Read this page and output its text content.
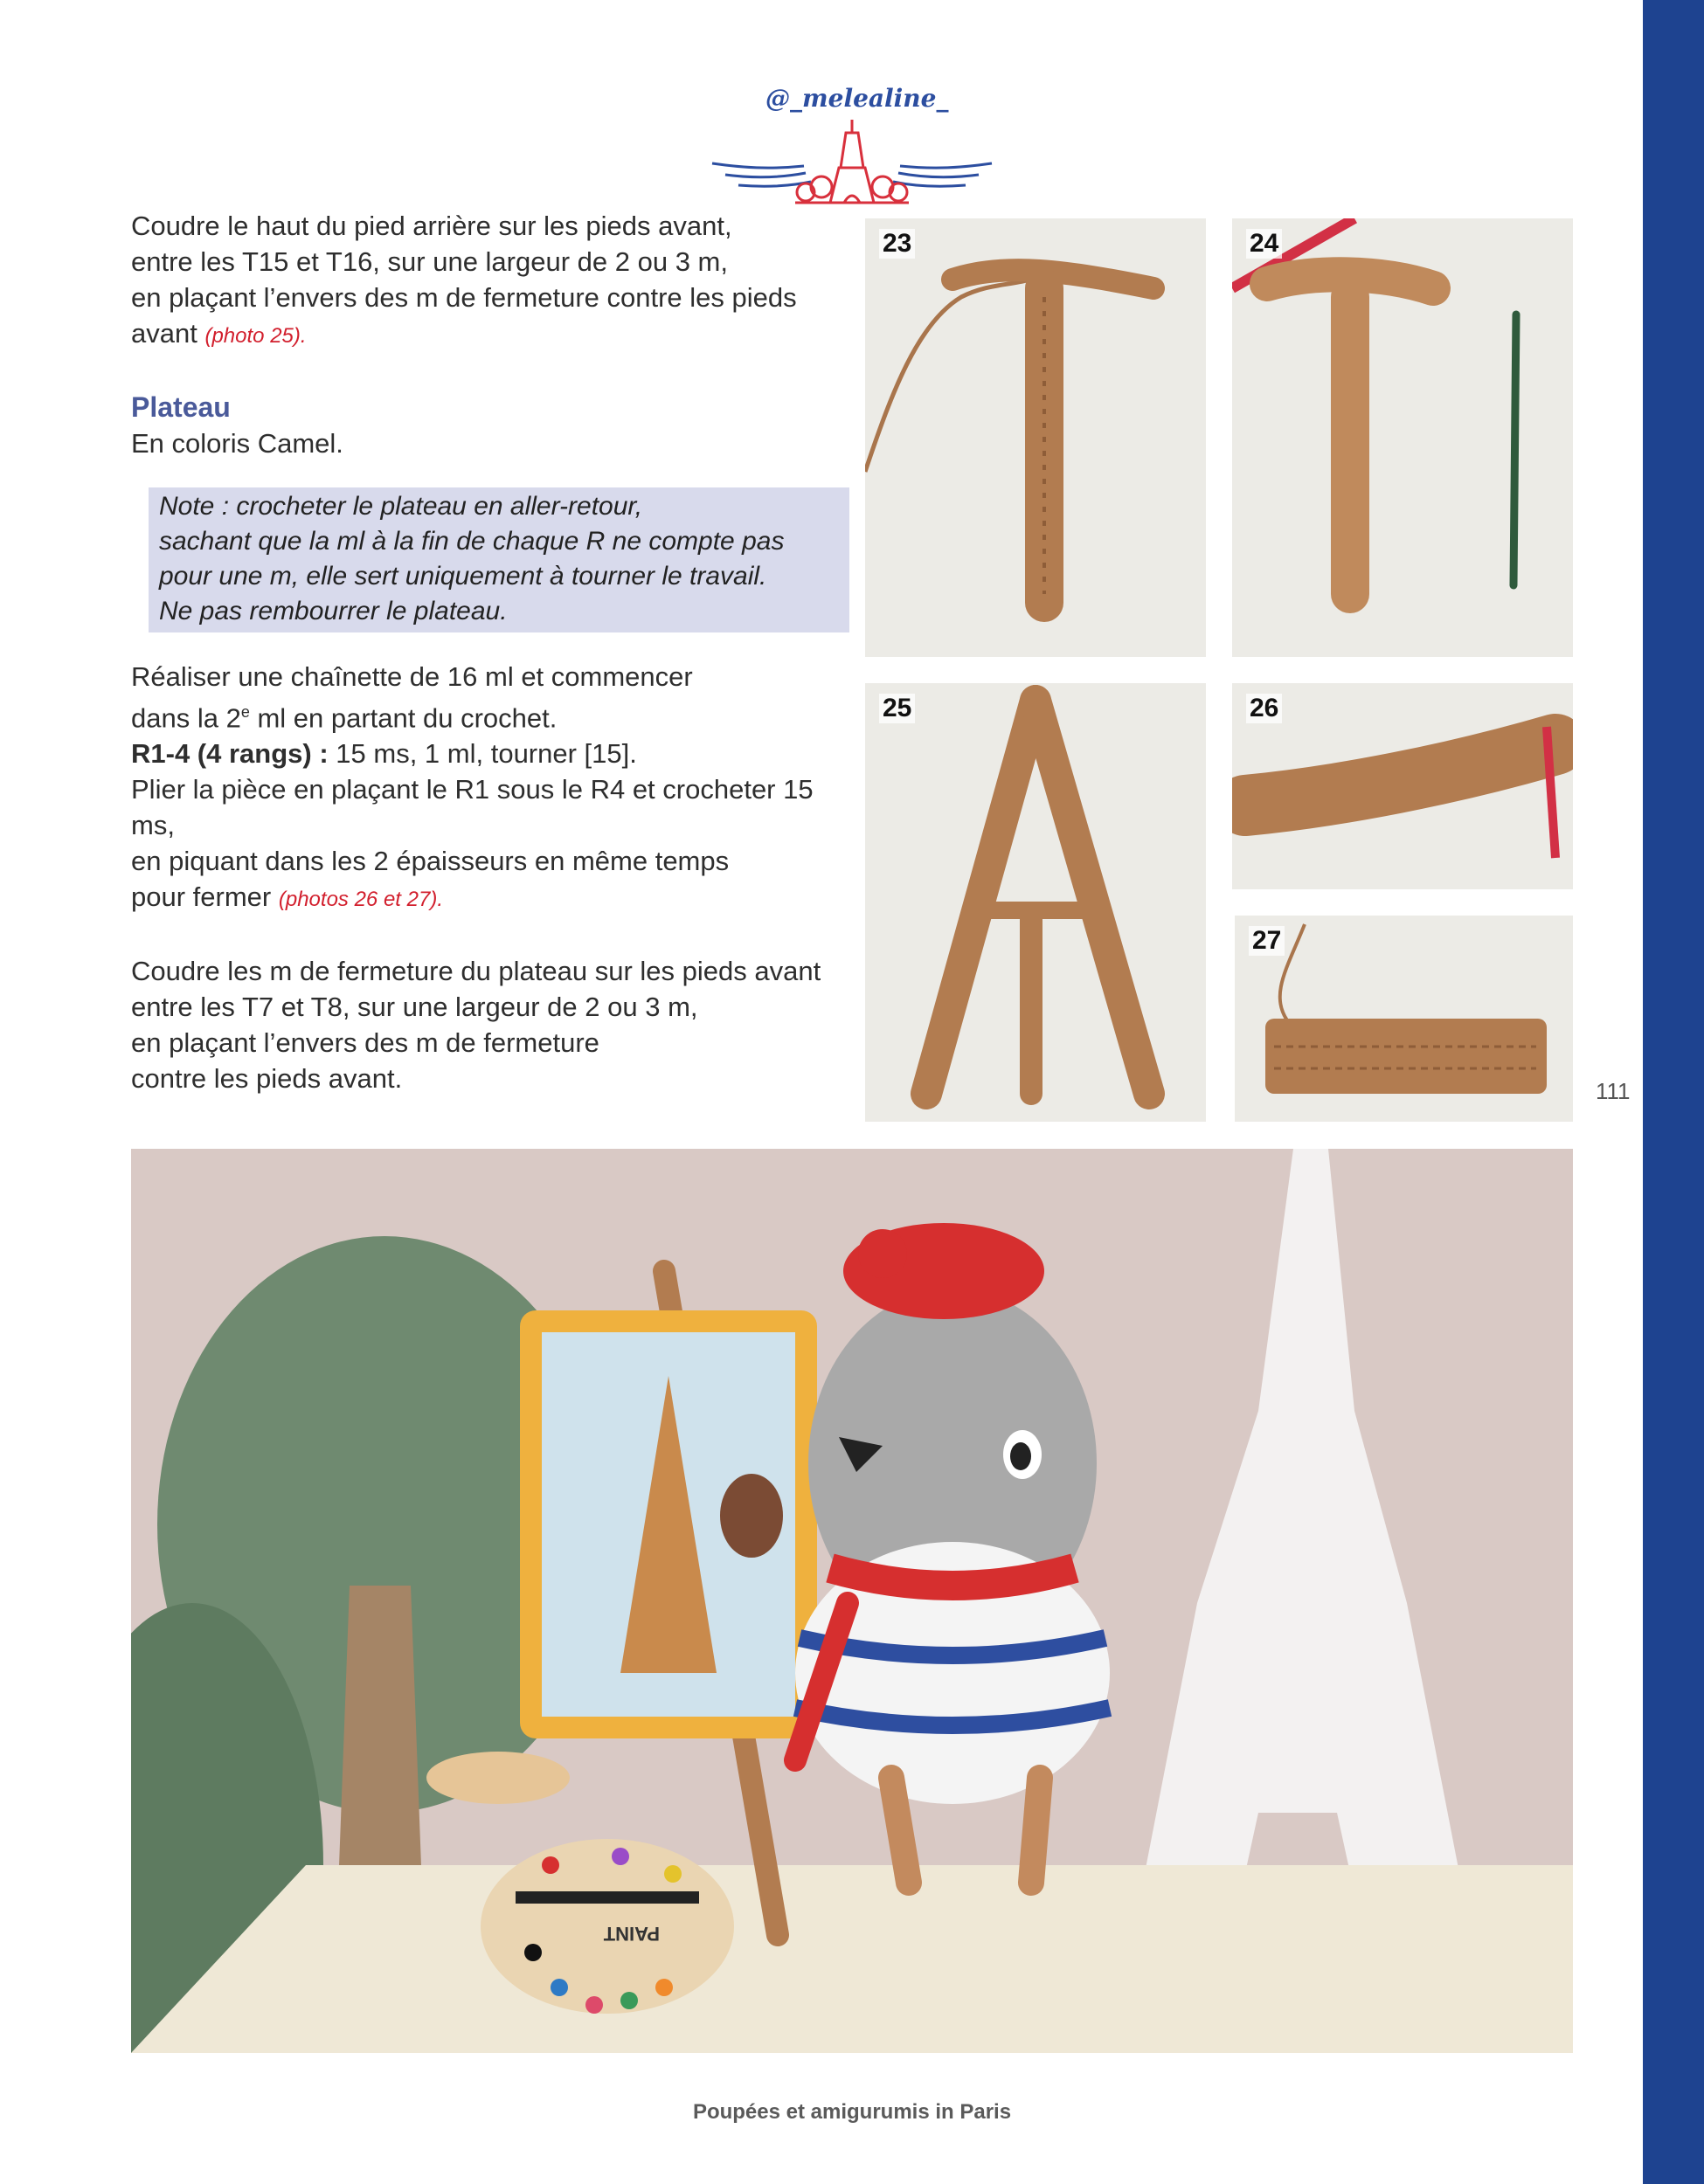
@_melealine_

Coudre le haut du pied arrière sur les pieds avant,

entre les T15 et T16, sur une largeur de 2 ou 3 m,

en plaçant l’envers des m de fermeture contre les pieds

avant (photo 25).

Plateau

En coloris Camel.

Note : crocheter le plateau en aller-retour,
sachant que la ml à la fin de chaque R ne compte pas
pour une m, elle sert uniquement à tourner le travail.
Ne pas rembourrer le plateau.

Réaliser une chaînette de 16 ml et commencer

dans la 2e ml en partant du crochet.

R1-4 (4 rangs) : 15 ms, 1 ml, tourner [15].

Plier la pièce en plaçant le R1 sous le R4 et crocheter 15 ms,

en piquant dans les 2 épaisseurs en même temps

pour fermer (photos 26 et 27).

Coudre les m de fermeture du plateau sur les pieds avant

entre les T7 et T8, sur une largeur de 2 ou 3 m,

en plaçant l’envers des m de fermeture

contre les pieds avant.

23	24
25	26
27
111
PAINT
Poupées et amigurumis in Paris
